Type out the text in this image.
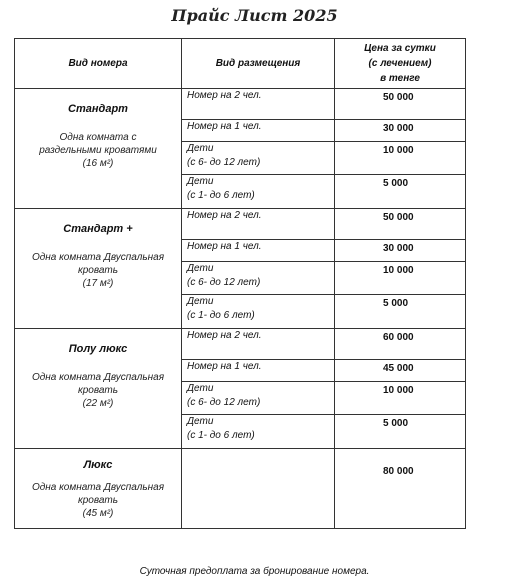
Прайс Лист 2025
Вид номера	Вид размещения	Цена за сутки
(с лечением)
в тенге

Стандарт
Одна комната с
раздельными кроватями
(16 м²)	Номер на 2 чел.	50 000
	Номер на 1 чел.	30 000
	Дети
(с 6- до 12 лет)	10 000
	Дети
(с 1- до 6 лет)	5 000

Стандарт +
Одна комната Двуспальная
кровать
(17 м²)	Номер на 2 чел.	50 000
	Номер на 1 чел.	30 000
	Дети
(с 6- до 12 лет)	10 000
	Дети
(с 1- до 6 лет)	5 000

Полу люкс
Одна комната Двуспальная
кровать
(22 м²)	Номер на 2 чел.	60 000
	Номер на 1 чел.	45 000
	Дети
(с 6- до 12 лет)	10 000
	Дети
(с 1- до 6 лет)	5 000

Люкс
Одна комната Двуспальная
кровать
(45 м²)		80 000
Суточная предоплата за бронирование номера.
